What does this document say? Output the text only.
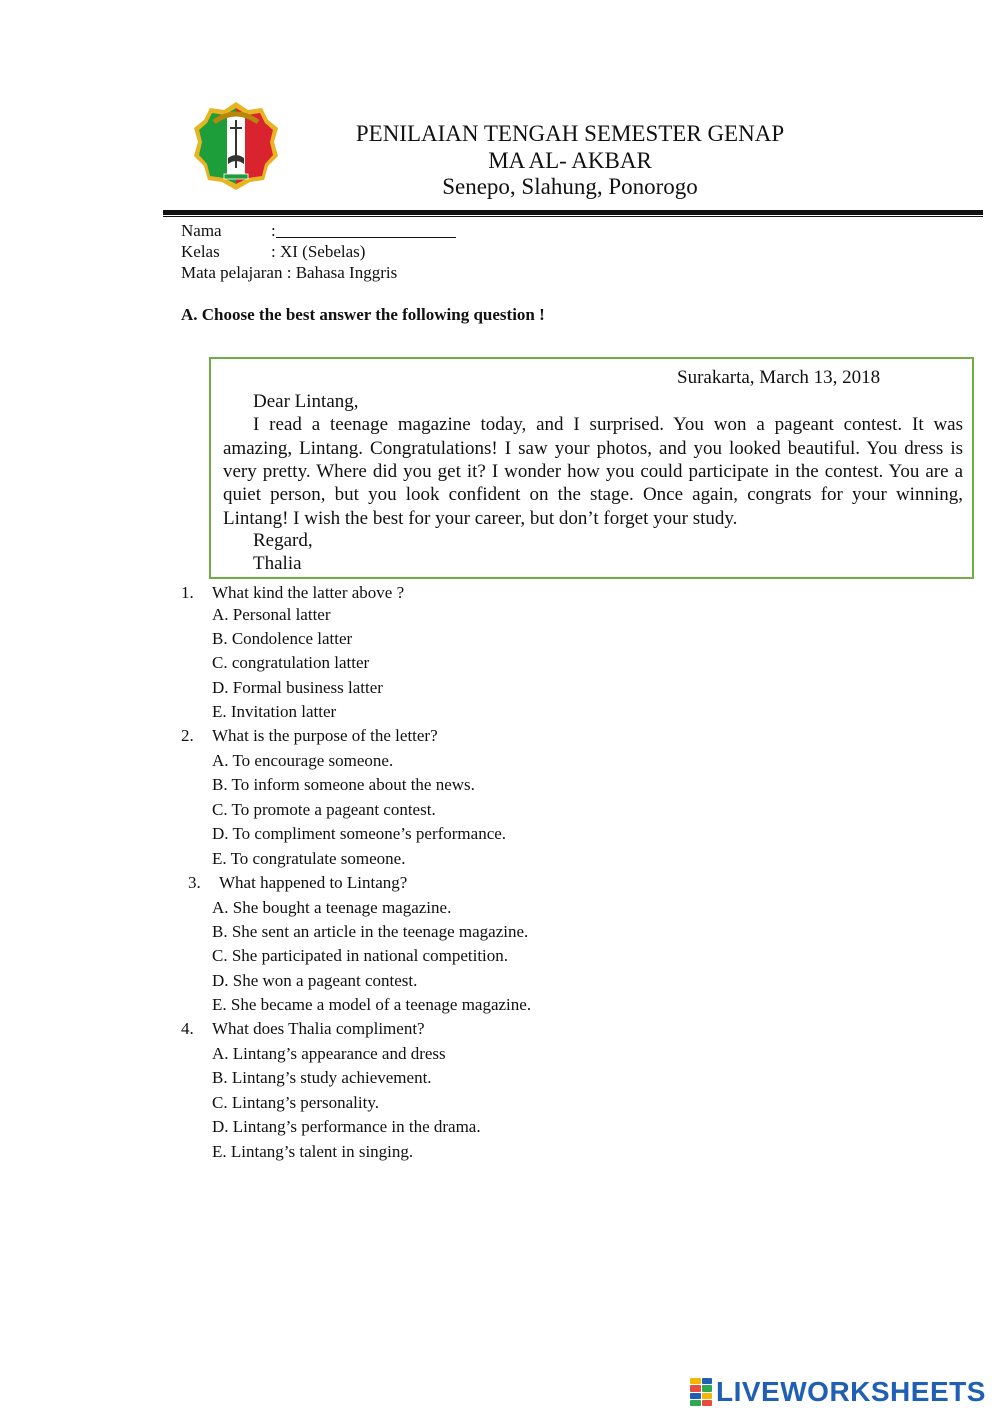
PENILAIAN TENGAH SEMESTER GENAP
MA AL- AKBAR
Senepo, Slahung, Ponorogo
Nama	:
Kelas	: XI (Sebelas)
Mata pelajaran : Bahasa Inggris
A. Choose the best answer the following question !
Surakarta, March 13, 2018
Dear Lintang,
I read a teenage magazine today, and I surprised. You won a pageant contest. It was
amazing, Lintang. Congratulations! I saw your photos, and you looked beautiful. You dress is very pretty. Where did you get it? I wonder how you could participate in the contest. You are a quiet person, but you look confident on the stage. Once again, congrats for your winning, Lintang! I wish the best for your career, but don’t forget your study.
Regard,
Thalia
1. What kind the latter above ?
A. Personal latter
B. Condolence latter
C. congratulation latter
D. Formal business latter
E. Invitation latter
2. What is the purpose of the letter?
A. To encourage someone.
B. To inform someone about the news.
C. To promote a pageant contest.
D. To compliment someone’s performance.
E. To congratulate someone.
3. What happened to Lintang?
A. She bought a teenage magazine.
B. She sent an article in the teenage magazine.
C. She participated in national competition.
D. She won a pageant contest.
E. She became a model of a teenage magazine.
4. What does Thalia compliment?
A. Lintang’s appearance and dress
B. Lintang’s study achievement.
C. Lintang’s personality.
D. Lintang’s performance in the drama.
E. Lintang’s talent in singing.
LIVEWORKSHEETS
